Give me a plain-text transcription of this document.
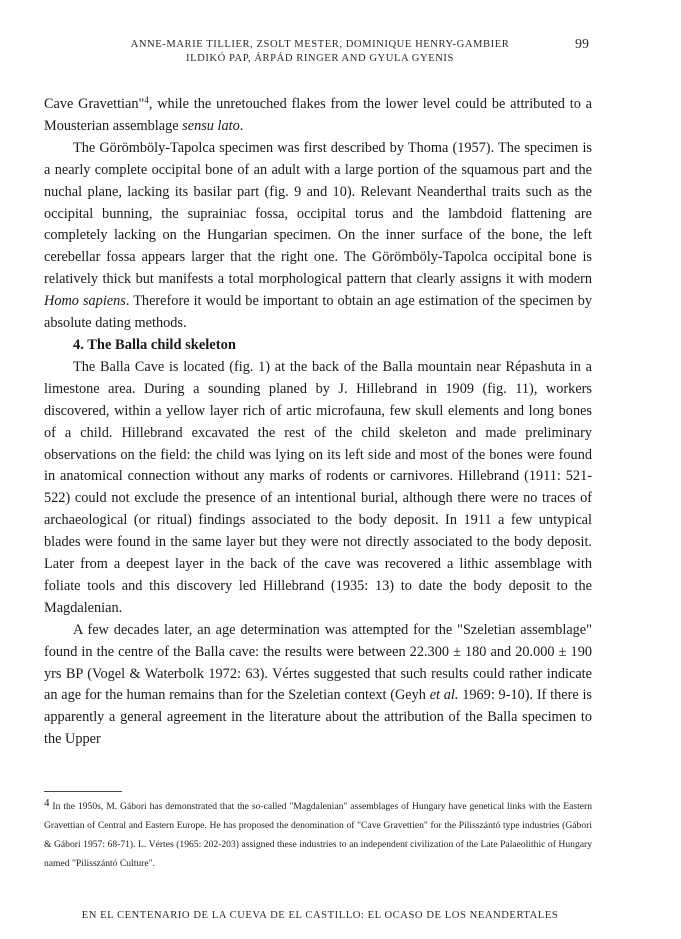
ANNE-MARIE TILLIER, ZSOLT MESTER, DOMINIQUE HENRY-GAMBIER
ILDIKÓ PAP, ÁRPÁD RINGER AND GYULA GYENIS
99

Cave Gravettian"$^4$, while the unretouched flakes from the lower level could be attributed to a Mousterian assemblage sensu lato.

The Görömböly-Tapolca specimen was first described by Thoma (1957). The specimen is a nearly complete occipital bone of an adult with a large portion of the squamous part and the nuchal plane, lacking its basilar part (fig. 9 and 10). Relevant Neanderthal traits such as the occipital bunning, the suprainiac fossa, occipital torus and the lambdoid flattening are completely lacking on the Hungarian specimen. On the inner surface of the bone, the left cerebellar fossa appears larger that the right one. The Görömböly-Tapolca occipital bone is relatively thick but manifests a total morphological pattern that clearly assigns it with modern Homo sapiens. Therefore it would be important to obtain an age estimation of the specimen by absolute dating methods.

4. The Balla child skeleton

The Balla Cave is located (fig. 1) at the back of the Balla mountain near Répashuta in a limestone area. During a sounding planed by J. Hillebrand in 1909 (fig. 11), workers discovered, within a yellow layer rich of artic microfauna, few skull elements and long bones of a child. Hillebrand excavated the rest of the child skeleton and made preliminary observations on the field: the child was lying on its left side and most of the bones were found in anatomical connection without any marks of rodents or carnivores. Hillebrand (1911: 521-522) could not exclude the presence of an intentional burial, although there were no traces of archaeological (or ritual) findings associated to the body deposit. In 1911 a few untypical blades were found in the same layer but they were not directly associated to the body deposit. Later from a deepest layer in the back of the cave was recovered a lithic assemblage with foliate tools and this discovery led Hillebrand (1935: 13) to date the body deposit to the Magdalenian.

A few decades later, an age determination was attempted for the "Szeletian assemblage" found in the centre of the Balla cave: the results were between 22.300 ± 180 and 20.000 ± 190 yrs BP (Vogel & Waterbolk 1972: 63). Vértes suggested that such results could rather indicate an age for the human remains than for the Szeletian context (Geyh et al. 1969: 9-10). If there is apparently a general agreement in the literature about the attribution of the Balla specimen to the Upper

4 In the 1950s, M. Gábori has demonstrated that the so-called "Magdalenian" assemblages of Hungary have genetical links with the Eastern Gravettian of Central and Eastern Europe. He has proposed the denomination of "Cave Gravettien" for the Pilisszántó type industries (Gábori & Gábori 1957: 68-71). L. Vértes (1965: 202-203) assigned these industries to an independent civilization of the Late Palaeolithic of Hungary named "Pilisszántó Culture".

EN EL CENTENARIO DE LA CUEVA DE EL CASTILLO: EL OCASO DE LOS NEANDERTALES
